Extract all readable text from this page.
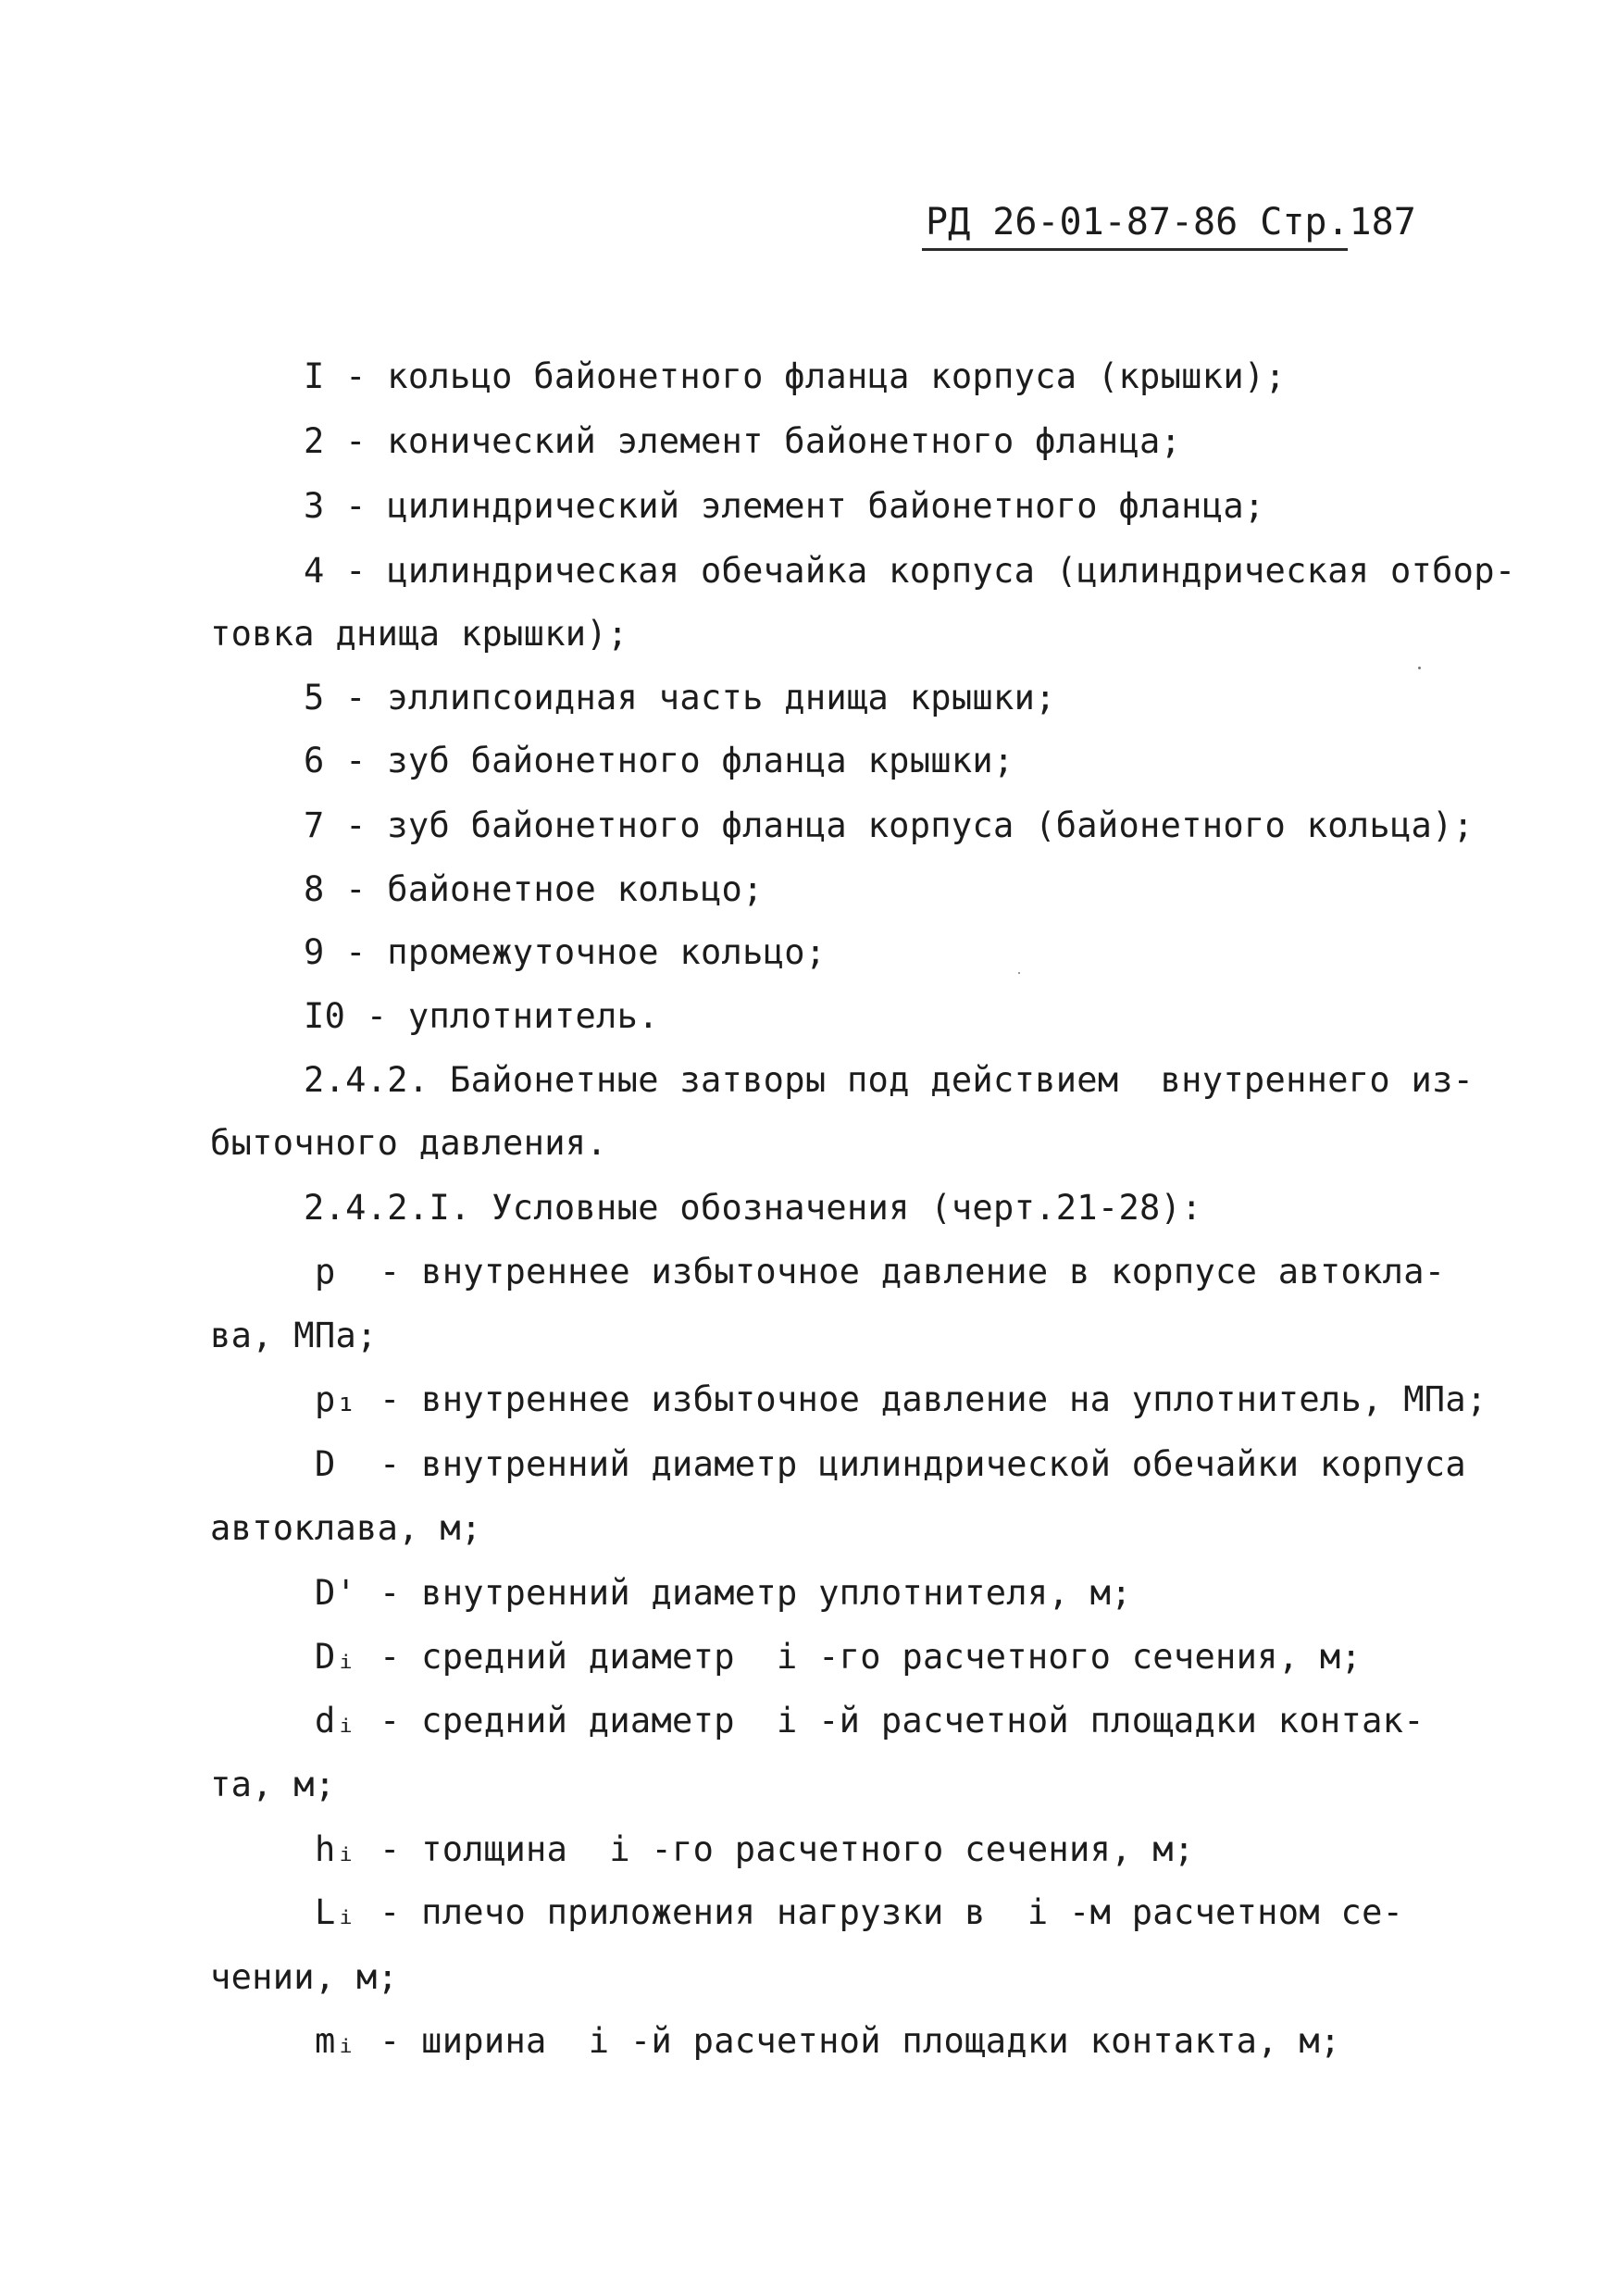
РД 26-01-87-86 Стр.187
I - кольцо байонетного фланца корпуса (крышки);
2 - конический элемент байонетного фланца;
3 - цилиндрический элемент байонетного фланца;
4 - цилиндрическая обечайка корпуса (цилиндрическая отбор-
товка днища крышки);
5 - эллипсоидная часть днища крышки;
6 - зуб байонетного фланца крышки;
7 - зуб байонетного фланца корпуса (байонетного кольца);
8 - байонетное кольцо;
9 - промежуточное кольцо;
I0 - уплотнитель.
2.4.2. Байонетные затворы под действием  внутреннего из-
быточного давления.
2.4.2.I. Условные обозначения (черт.21-28):
p - внутреннее избыточное давление в корпусе автокла-
ва, МПа;
p₁ - внутреннее избыточное давление на уплотнитель, МПа;
D - внутренний диаметр цилиндрической обечайки корпуса
автоклава, м;
D' - внутренний диаметр уплотнителя, м;
Dᵢ - средний диаметр  i -го расчетного сечения, м;
dᵢ - средний диаметр  i -й расчетной площадки контак-
та, м;
hᵢ - толщина  i -го расчетного сечения, м;
Lᵢ - плечо приложения нагрузки в  i -м расчетном се-
чении, м;
mᵢ - ширина  i -й расчетной площадки контакта, м;
